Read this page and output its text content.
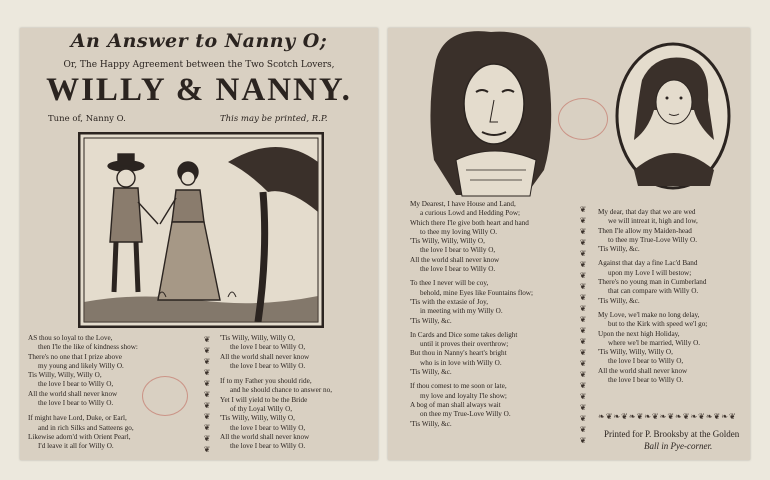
An Answer to Nanny O;
Or, The Happy Agreement between the Two Scotch Lovers,
WILLY & NANNY.
Tune of, Nanny O.	This may be printed, R.P.
AS thou so loyal to the Love,
then I'le the like of kindness show:
There's no one that I prize above
my young and likely Willy O.
Tis Willy, Willy, Willy O,
the love I bear to Willy O,
All the world shall never know
the love I bear to Willy O.
If might have Lord, Duke, or Earl,
and in rich Silks and Satteens go,
Likewise adorn'd with Orient Pearl,
I'd leave it all for Willy O.
❦
❦
❦
❦
❦
❦
❦
❦
❦
❦
❦
'Tis Willy, Willy, Willy O,
the love I bear to Willy O,
All the world shall never know
the love I bear to Willy O.
If to my Father you should ride,
and he should chance to answer no,
Yet I will yield to be the Bride
of thy Loyal Willy O,
'Tis Willy, Willy, Willy O,
the love I bear to Willy O,
All the world shall never know
the love I bear to Willy O.
My Dearest, I have House and Land,
a curious Lowd and Hedding Pow;
Which there I'le give both heart and hand
to thee my loving Willy O.
'Tis Willy, Willy, Willy O,
the love I bear to Willy O,
All the world shall never know
the love I bear to Willy O.
To thee I never will be coy,
behold, mine Eyes like Fountains flow;
'Tis with the extasie of Joy,
in meeting with my Willy O.
'Tis Willy, &c.
In Cards and Dice some takes delight
until it proves their overthrow;
But thou in Nanny's heart's bright
who is in love with Willy O.
'Tis Willy, &c.
If thou comest to me soon or late,
my love and loyalty I'le show;
A bog of man shall always wait
on thee my True-Love Willy O.
'Tis Willy, &c.
❦
❦
❦
❦
❦
❦
❦
❦
❦
❦
❦
❦
❦
❦
❦
❦
❦
❦
❦
❦
❦
❦
My dear, that day that we are wed
we will intreat it, high and low,
Then I'le allow my Maiden-head
to thee my True-Love Willy O.
'Tis Willy, &c.
Against that day a fine Lac'd Band
upon my Love I will bestow;
There's no young man in Cumberland
that can compare with Willy O.
'Tis Willy, &c.
My Love, we'l make no long delay,
but to the Kirk with speed we'l go;
Upon the next high Holiday,
where we'l be married, Willy O.
'Tis Willy, Willy, Willy O,
the love I bear to Willy O,
All the world shall never know
the love I bear to Willy O.
❧❦❧❦❧❦❧❦❧❦❧❦❧❦❧❦❧❦
Printed for P. Brooksby at the Golden
Ball in Pye-corner.
